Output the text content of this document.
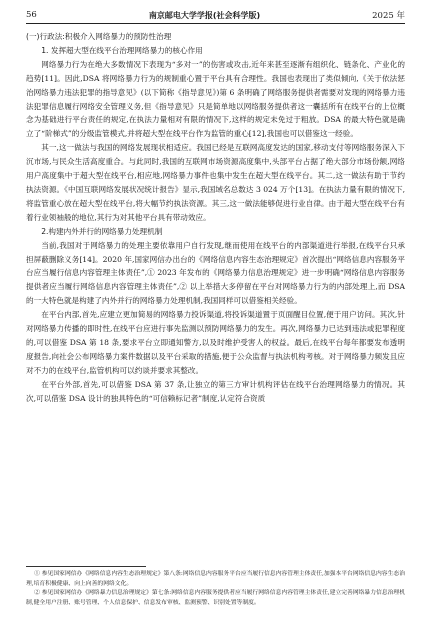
56	南京邮电大学学报(社会科学版)	2025 年

(一)行政法:积极介入网络暴力的预防性治理

1. 发挥超大型在线平台治理网络暴力的核心作用

网络暴力行为在绝大多数情况下表现为“多对一”的伤害或攻击,近年来甚至逐渐有组织化、链条化、产业化的趋势[11]。因此,DSA 将网络暴力行为的规制重心置于平台具有合理性。我国也表现出了类似倾向,《关于依法惩治网络暴力违法犯罪的指导意见》(以下简称《指导意见》)第 6 条明确了网络服务提供者需要对发现的网络暴力违法犯罪信息履行网络安全管理义务,但《指导意见》只是简单地以网络服务提供者这一囊括所有在线平台的上位概念为基础进行平台责任的规定,在执法力量相对有限的情况下,这样的规定未免过于粗放。DSA 的最大特色就是确立了“阶梯式”的分级监管模式,并将超大型在线平台作为监管的重心[12],我国也可以借鉴这一经验。

其一,这一做法与我国的网络发展现状相适应。我国已经是互联网高度发达的国家,移动支付等网络服务深入下沉市场,与民众生活高度重合。与此同时,我国的互联网市场资源高度集中,头部平台占据了绝大部分市场份额,网络用户高度集中于超大型在线平台,相应地,网络暴力事件也集中发生在超大型在线平台。其二,这一做法有助于节约执法资源。《中国互联网络发展状况统计报告》显示,我国域名总数达 3 024 万个[13]。在执法力量有限的情况下,将监管重心放在超大型在线平台,将大幅节约执法资源。其三,这一做法能够促进行业自律。由于超大型在线平台有着行业领袖般的地位,其行为对其他平台具有带动效应。

2.构建内外并行的网络暴力处理机制

当前,我国对于网络暴力的处理主要依靠用户自行发现,继而使用在线平台的内部渠道进行举报,在线平台只承担屏蔽删除义务[14]。2020 年,国家网信办出台的《网络信息内容生态治理规定》首次提出“网络信息内容服务平台应当履行信息内容管理主体责任”,① 2023 年发布的《网络暴力信息治理规定》进一步明确“网络信息内容服务提供者应当履行网络信息内容管理主体责任”,② 以上举措大多停留在平台对网络暴力行为的内部处理上,而 DSA 的一大特色就是构建了内外并行的网络暴力处理机制,我国同样可以借鉴相关经验。

在平台内部,首先,应建立更加简易的网络暴力投诉渠道,将投诉渠道置于页面醒目位置,便于用户访问。其次,针对网络暴力传播的即时性,在线平台应进行事先监测以预防网络暴力的发生。再次,网络暴力已达到违法或犯罪程度的,可以借鉴 DSA 第 18 条,要求平台立即通知警方,以及时维护受害人的权益。最后,在线平台每年都要发布透明度报告,向社会公布网络暴力案件数据以及平台采取的措施,便于公众监督与执法机构考核。对于网络暴力频发且应对不力的在线平台,监管机构可以约谈并要求其整改。

在平台外部,首先,可以借鉴 DSA 第 37 条,让独立的第三方审计机构评估在线平台治理网络暴力的情况。其次,可以借鉴 DSA 设计的独具特色的“可信赖标记者”制度,认定符合资质

① 参见国家网信办《网络信息内容生态治理规定》第八条:网络信息内容服务平台应当履行信息内容管理主体责任,加强本平台网络信息内容生态治理,培育积极健康、向上向善的网络文化。

② 参见国家网信办《网络暴力信息治理规定》第七条:网络信息内容服务提供者应当履行网络信息内容管理主体责任,建立完善网络暴力信息治理机制,健全用户注册、账号管理、个人信息保护、信息发布审核、监测预警、识别处置等制度。
